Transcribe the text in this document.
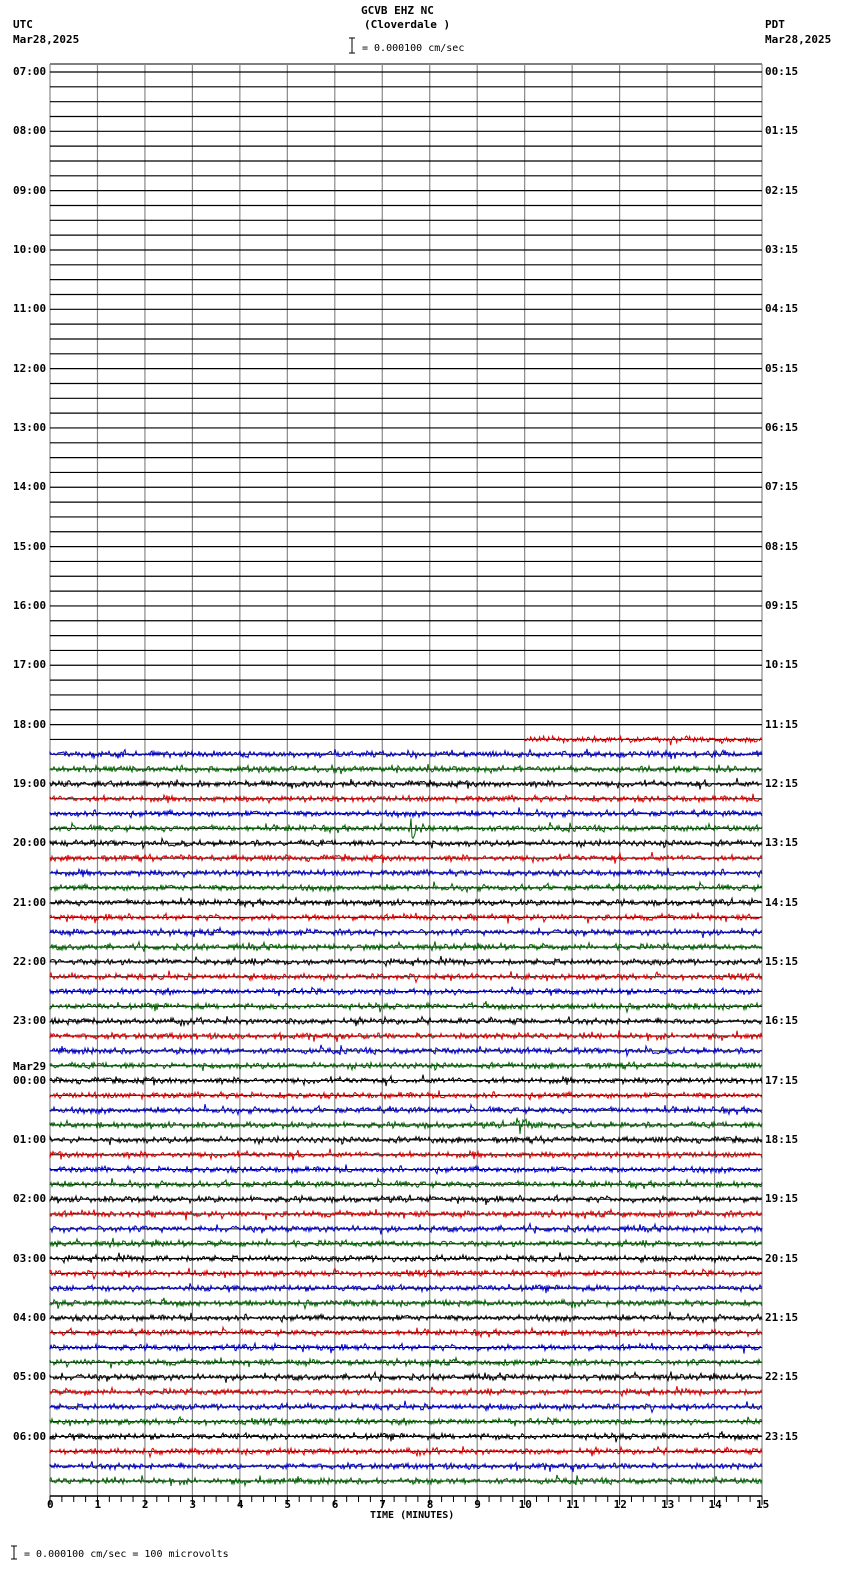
GCVB EHZ NC
(Cloverdale )
UTC
Mar28,2025
PDT
Mar28,2025
= 0.000100 cm/sec
= 0.000100 cm/sec = 100 microvolts
TIME (MINUTES)
0	1	2	3	4	5	6	7	8	9	10	11	12	13	14	15
07:00
08:00
09:00
10:00
11:00
12:00
13:00
14:00
15:00
16:00
17:00
18:00
19:00
20:00
21:00
22:00
23:00
00:00
Mar29
01:00
02:00
03:00
04:00
05:00
06:00
00:15
01:15
02:15
03:15
04:15
05:15
06:15
07:15
08:15
09:15
10:15
11:15
12:15
13:15
14:15
15:15
16:15
17:15
18:15
19:15
20:15
21:15
22:15
23:15
